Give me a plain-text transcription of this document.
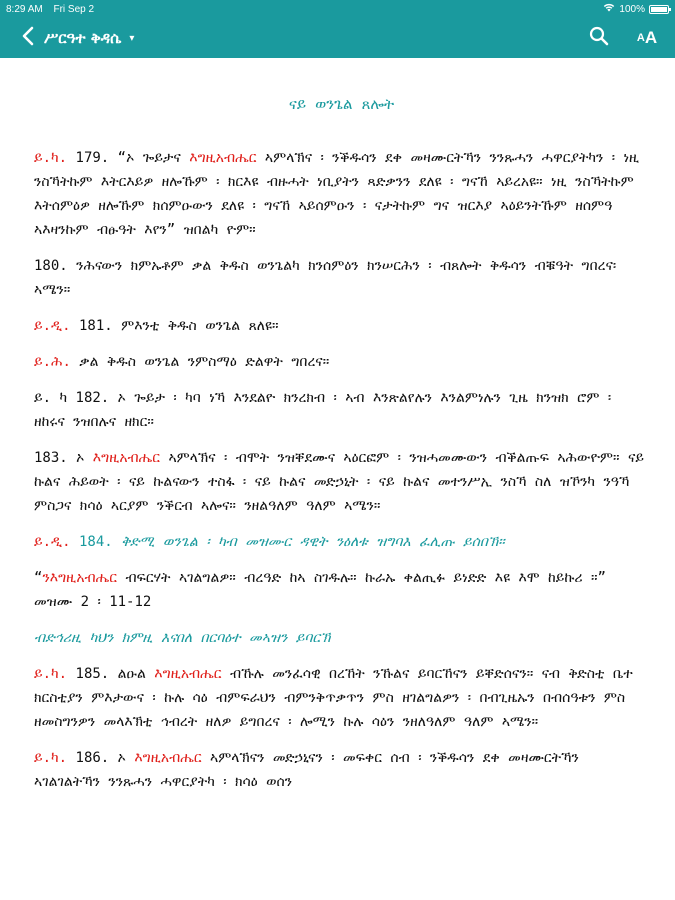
8:29 AM Fri Sep 2	100%
ሥርዓተ ቅዳሴ ▾	A A
ናይ ወንጌል ጸሎት

ይ.ካ. 179. “ኦ ጐይታና እግዚአብሔር ኣምላኽና ፡ ንቕዱሳን ደቀ መዛሙርትኻን ንንጹሓን ሓዋርያትካን ፡ ነዚ ንስኻትኩም እትርእይዎ ዘሎኹም ፡ ክርእዩ ብዙሓት ነቢያትን ጻድቃንን ደለዩ ፡ ግናኸ ኣይረአዩ። ነዚ ንስኻትኩም እትሰምዕዎ ዘሎኹም ክሰምዑውን ደለዩ ፡ ግናኸ ኣይሰምዑን ፡ ናታትኩም ግና ዝርእያ ኣዕይንትኹም ዘሰምዓ ኣእዛንኩም ብፁዓት እየን” ዝበልካ ዮም።

180. ንሕናውን ክምኡቶም ቃል ቅዱስ ወንጌልካ ክንሰምዕን ክንሠርሕን ፡ ብጸሎት ቅዱሳን ብቑዓት ግበረና፡ ኣሜን።

ይ.ዲ. 181. ምእንቲ ቅዱስ ወንጌል ጸለዩ።

ይ.ሕ. ቃል ቅዱስ ወንጌል ንምስማዕ ድልዋት ግበረና።

ይ. ካ 182. ኦ ጐይታ ፡ ካባ ነኻ እንደልዮ ክንረክብ ፡ ኣብ እንጽልየሉን እንልምነሉን ጊዜ ክንዝክ ሮም ፡ ዘከሩና ንዝበሉና ዘክር።

183. ኦ እግዚአብሔር ኣምላኽና ፡ ብሞት ንዝቐደሙና ኣዕርፎም ፡ ንዝሓመሙውን ብቕልጡፍ ኣሕውዮም። ናይ ኩልና ሕይወት ፡ ናይ ኩልናውን ተስፋ ፡ ናይ ኩልና መድኃኒት ፡ ናይ ኩልና መተንሥኢ ንስኻ ስለ ዝኾንካ ንዓኻ ምስጋና ክሳዕ ኣርያም ንቕርብ ኣሎና። ንዘልዓለም ዓለም ኣሜን።

ይ.ዲ. 184. ቅድሚ ወንጌል ፡ ካብ መዝሙር ዳዊት ንዕለቱ ዝግባእ ፈሊጡ ይሰበኽ።

“ንእግዚአብሔር ብፍርሃት ኣገልግልዎ። ብረዓድ ከኣ ስገዱሉ። ኩራኡ ቀልጢፉ ይነድድ እዩ እሞ ከይኩሪ ።” መዝሙ 2 ፡ 11-12

ብድኅሪዚ ካህን ክምዚ እናበለ በርባዕተ መኣዝን ይባርኽ

ይ.ካ. 185. ልዑል እግዚአብሔር ብኹሉ መንፈሳዊ በረኸት ንኹልና ይባርኸናን ይቐድሰናን። ናብ ቅድስቲ ቤተ ክርስቲያን ምእታውና ፡ ኩሉ ሳዕ ብምፍራህን ብምንቅጥቃጥን ምስ ዘገልግልዎን ፡ በብጊዜኡን በብሰዓቱን ምስ ዘመስግንዎን መላእኽቲ ኅብረት ዘለዎ ይግበረና ፡ ሎሚን ኩሉ ሳዕን ንዘለዓለም ዓለም ኣሜን።

ይ.ካ. 186. ኦ እግዚአብሔር ኣምላኽናን መድኃኒናን ፡ መፍቀር ሰብ ፡ ንቕዱሳን ደቀ መዛሙርትኻን ኣገልገልትኻን ንንጹሓን ሓዋርያትካ ፡ ክሳዕ ወሰን
